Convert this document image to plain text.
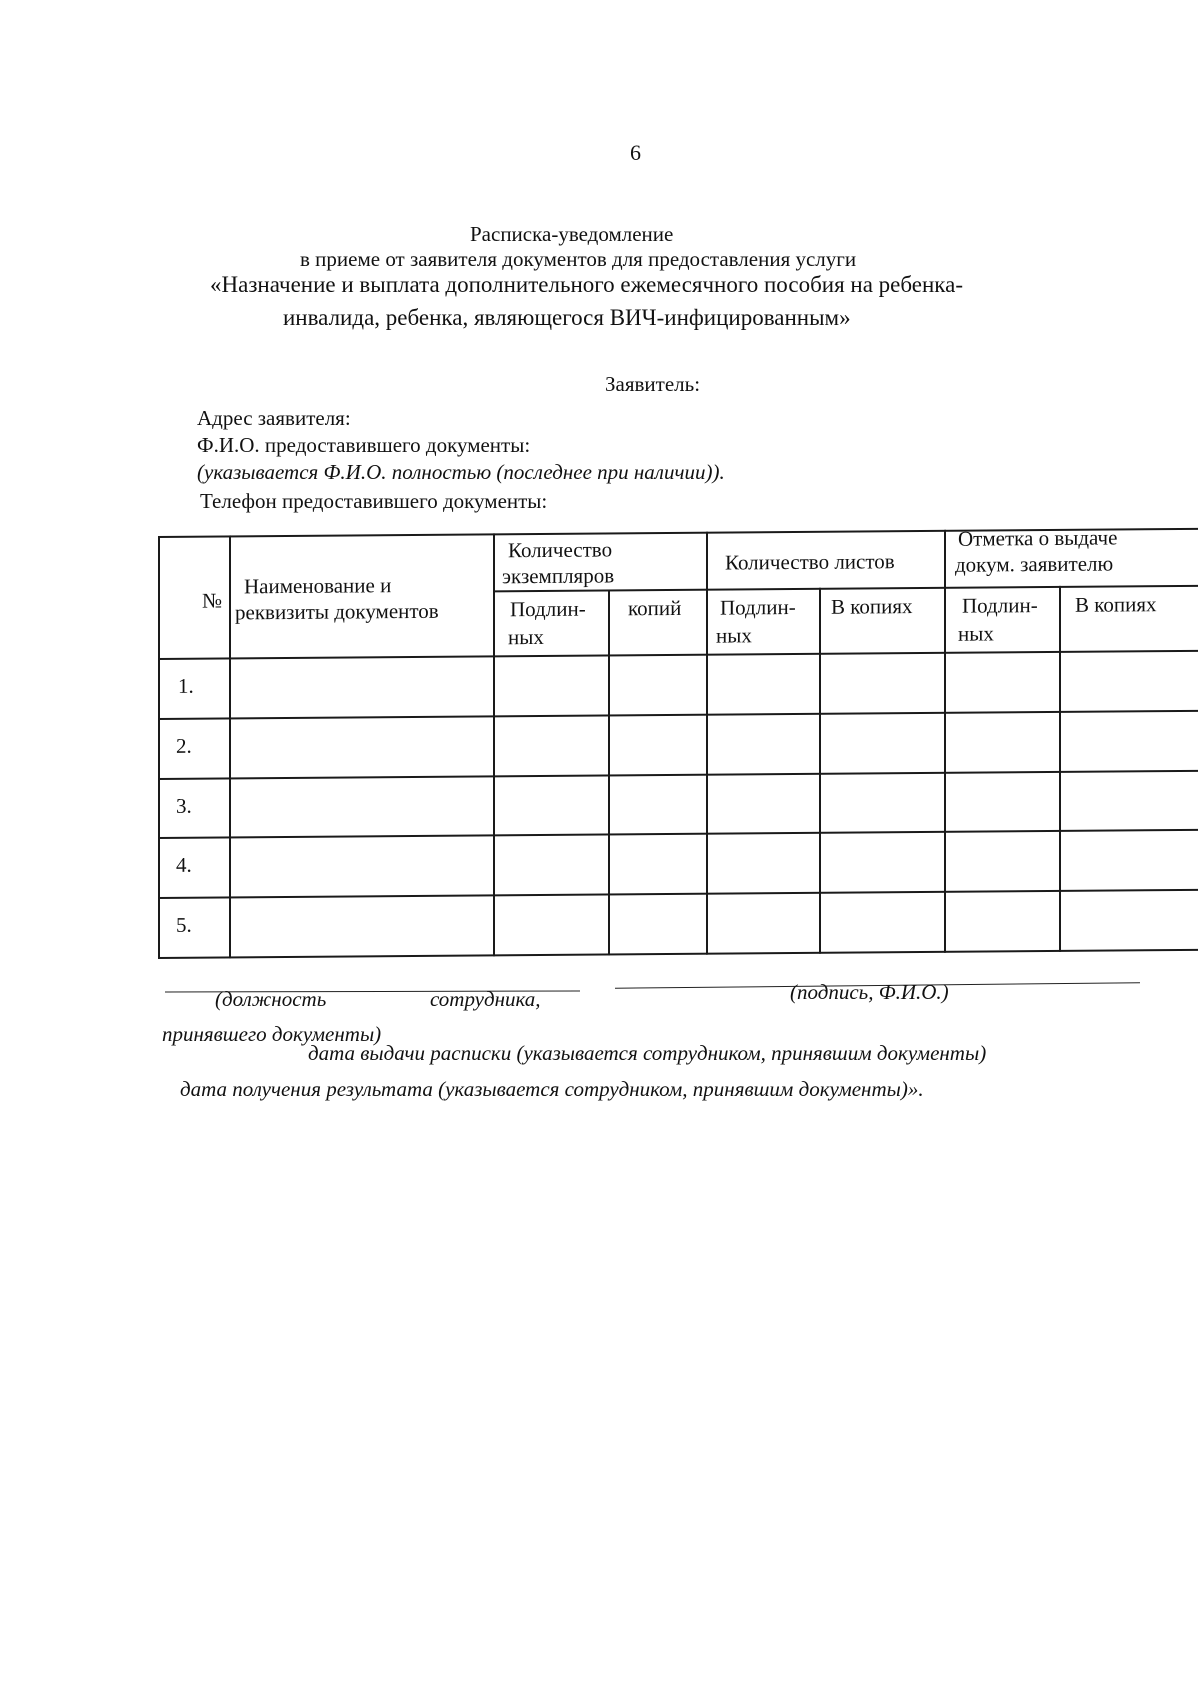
6
Расписка-уведомление
в приеме от заявителя документов для предоставления услуги
«Назначение и выплата дополнительного ежемесячного пособия на ребенка-
инвалида, ребенка, являющегося ВИЧ-инфицированным»
Заявитель:
Адрес заявителя:
Ф.И.О. предоставившего документы:
(указывается Ф.И.О. полностью (последнее при наличии)).
Телефон предоставившего документы:
№
Наименование и
реквизиты документов
Количество
экземпляров
Количество листов
Отметка о выдаче
докум. заявителю
Подлин-
ных
копий Подлин-
ных
В копиях Подлин-
ных
В копиях
1.
2.
3.
4.
5.
(должность	сотрудника,	(подпись, Ф.И.О.)
принявшего документы)
дата выдачи расписки (указывается сотрудником, принявшим документы)
дата получения результата (указывается сотрудником, принявшим документы)».
